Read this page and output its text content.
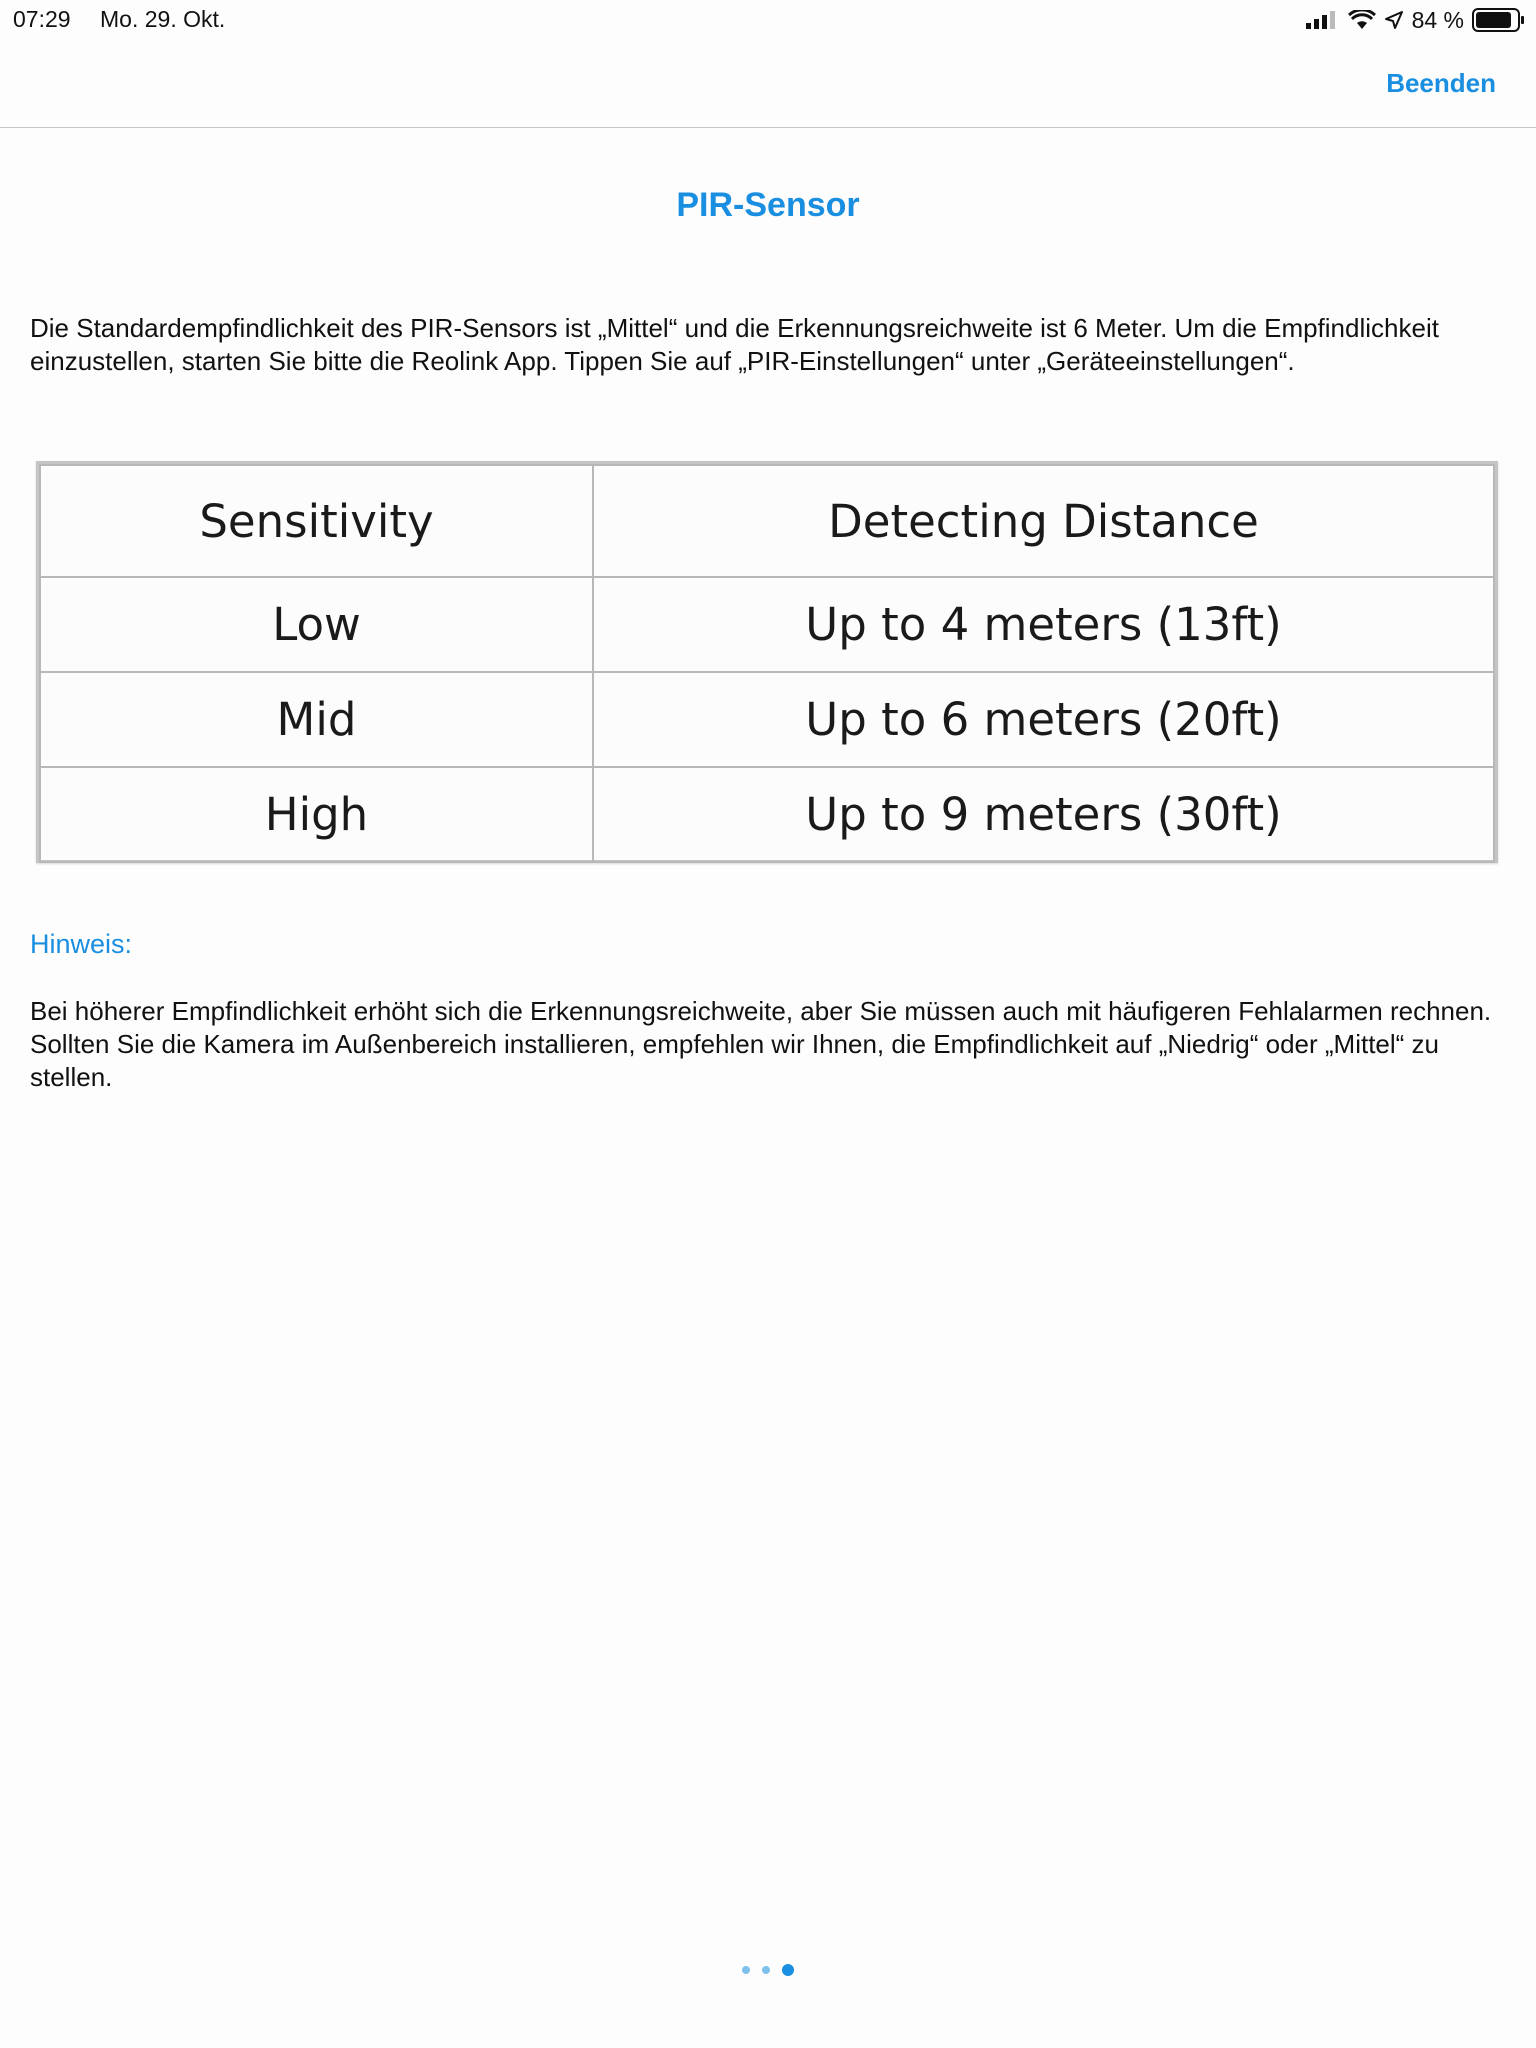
07:29 Mo. 29. Okt.	84 %
Beenden
PIR-Sensor

Die Standardempfindlichkeit des PIR-Sensors ist „Mittel“ und die Erkennungsreichweite ist 6 Meter. Um die Empfindlichkeit einzustellen, starten Sie bitte die Reolink App. Tippen Sie auf „PIR-Einstellungen“ unter „Geräteeinstellungen“.

Sensitivity	Detecting Distance
Low	Up to 4 meters (13ft)
Mid	Up to 6 meters (20ft)
High	Up to 9 meters (30ft)
Hinweis:

Bei höherer Empfindlichkeit erhöht sich die Erkennungsreichweite, aber Sie müssen auch mit häufigeren Fehlalarmen rechnen. Sollten Sie die Kamera im Außenbereich installieren, empfehlen wir Ihnen, die Empfindlichkeit auf „Niedrig“ oder „Mittel“ zu stellen.
